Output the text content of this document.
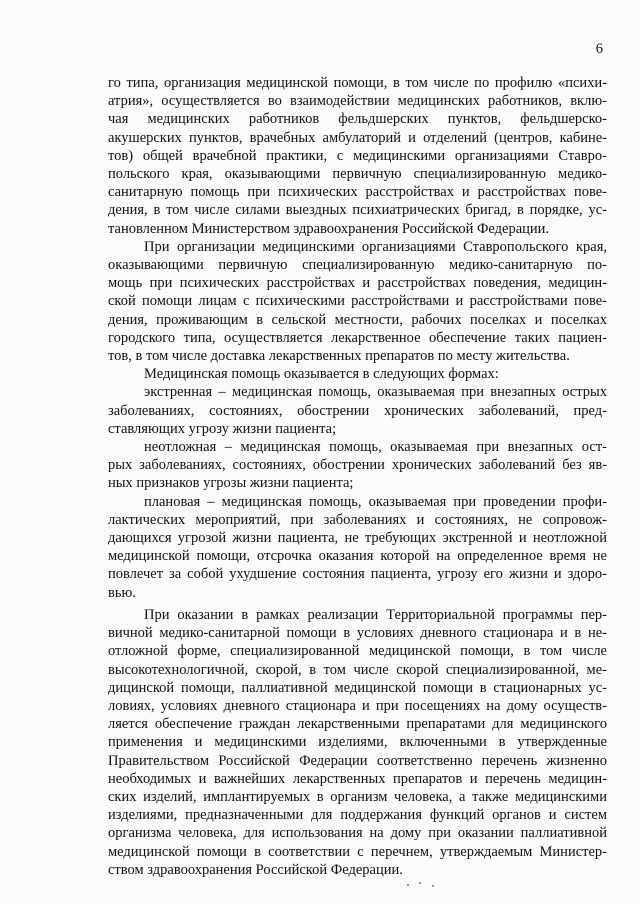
6
го типа, организация медицинской помощи, в том числе по профилю «психи-
атрия», осуществляется во взаимодействии медицинских работников, вклю-
чая медицинских работников фельдшерских пунктов, фельдшерско-
акушерских пунктов, врачебных амбулаторий и отделений (центров, кабине-
тов) общей врачебной практики, с медицинскими организациями Ставро-
польского края, оказывающими первичную специализированную медико-
санитарную помощь при психических расстройствах и расстройствах пове-
дения, в том числе силами выездных психиатрических бригад, в порядке, ус-
тановленном Министерством здравоохранения Российской Федерации.
При организации медицинскими организациями Ставропольского края,
оказывающими первичную специализированную медико-санитарную по-
мощь при психических расстройствах и расстройствах поведения, медицин-
ской помощи лицам с психическими расстройствами и расстройствами пове-
дения, проживающим в сельской местности, рабочих поселках и поселках
городского типа, осуществляется лекарственное обеспечение таких пациен-
тов, в том числе доставка лекарственных препаратов по месту жительства.
Медицинская помощь оказывается в следующих формах:
экстренная – медицинская помощь, оказываемая при внезапных острых
заболеваниях, состояниях, обострении хронических заболеваний, пред-
ставляющих угрозу жизни пациента;
неотложная – медицинская помощь, оказываемая при внезапных ост-
рых заболеваниях, состояниях, обострении хронических заболеваний без яв-
ных признаков угрозы жизни пациента;
плановая – медицинская помощь, оказываемая при проведении профи-
лактических мероприятий, при заболеваниях и состояниях, не сопровож-
дающихся угрозой жизни пациента, не требующих экстренной и неотложной
медицинской помощи, отсрочка оказания которой на определенное время не
повлечет за собой ухудшение состояния пациента, угрозу его жизни и здоро-
вью.
При оказании в рамках реализации Территориальной программы пер-
вичной медико-санитарной помощи в условиях дневного стационара и в не-
отложной форме, специализированной медицинской помощи, в том числе
высокотехнологичной, скорой, в том числе скорой специализированной, ме-
дицинской помощи, паллиативной медицинской помощи в стационарных ус-
ловиях, условиях дневного стационара и при посещениях на дому осуществ-
ляется обеспечение граждан лекарственными препаратами для медицинского
применения и медицинскими изделиями, включенными в утвержденные
Правительством Российской Федерации соответственно перечень жизненно
необходимых и важнейших лекарственных препаратов и перечень медицин-
ских изделий, имплантируемых в организм человека, а также медицинскими
изделиями, предназначенными для поддержания функций органов и систем
организма человека, для использования на дому при оказании паллиативной
медицинской помощи в соответствии с перечнем, утверждаемым Министер-
ством здравоохранения Российской Федерации.
